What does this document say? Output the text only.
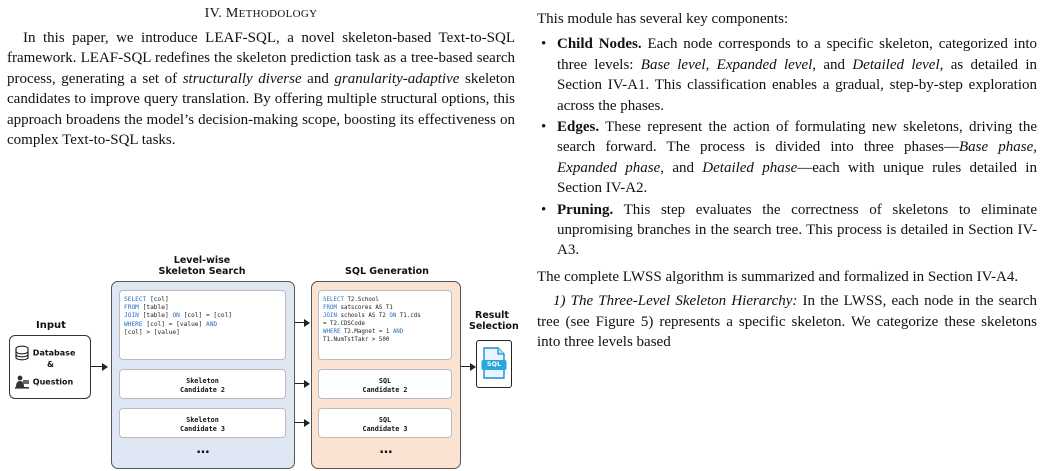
IV. METHODOLOGY

In this paper, we introduce LEAF-SQL, a novel skeleton-based Text-to-SQL framework. LEAF-SQL redefines the skeleton prediction task as a tree-based search process, generating a set of structurally diverse and granularity-adaptive skeleton candidates to improve query translation. By offering multiple structural options, this approach broadens the model’s decision-making scope, boosting its effectiveness on complex Text-to-SQL tasks.

Input
Database
&
Question
Level-wise
Skeleton Search
SELECT [col]
FROM [table]
JOIN [table] ON [col] = [col]
WHERE [col] = [value] AND
[col] > [value]
Skeleton
Candidate 2
Skeleton
Candidate 3
…
SQL Generation
SELECT T2.School
FROM satscores AS T1
JOIN schools AS T2 ON T1.cds
= T2.CDSCode
WHERE T2.Magnet = 1 AND
T1.NumTstTakr > 500
SQL
Candidate 2
SQL
Candidate 3
…
Result
Selection
SQL

This module has several key components:

• Child Nodes. Each node corresponds to a specific skeleton, categorized into three levels: Base level, Expanded level, and Detailed level, as detailed in Section IV-A1. This classification enables a gradual, step-by-step exploration across the phases.
• Edges. These represent the action of formulating new skeletons, driving the search forward. The process is divided into three phases—Base phase, Expanded phase, and Detailed phase—each with unique rules detailed in Section IV-A2.
• Pruning. This step evaluates the correctness of skeletons to eliminate unpromising branches in the search tree. This process is detailed in Section IV-A3.

The complete LWSS algorithm is summarized and formalized in Section IV-A4.

1) The Three-Level Skeleton Hierarchy: In the LWSS, each node in the search tree (see Figure 5) represents a specific skeleton. We categorize these skeletons into three levels based
